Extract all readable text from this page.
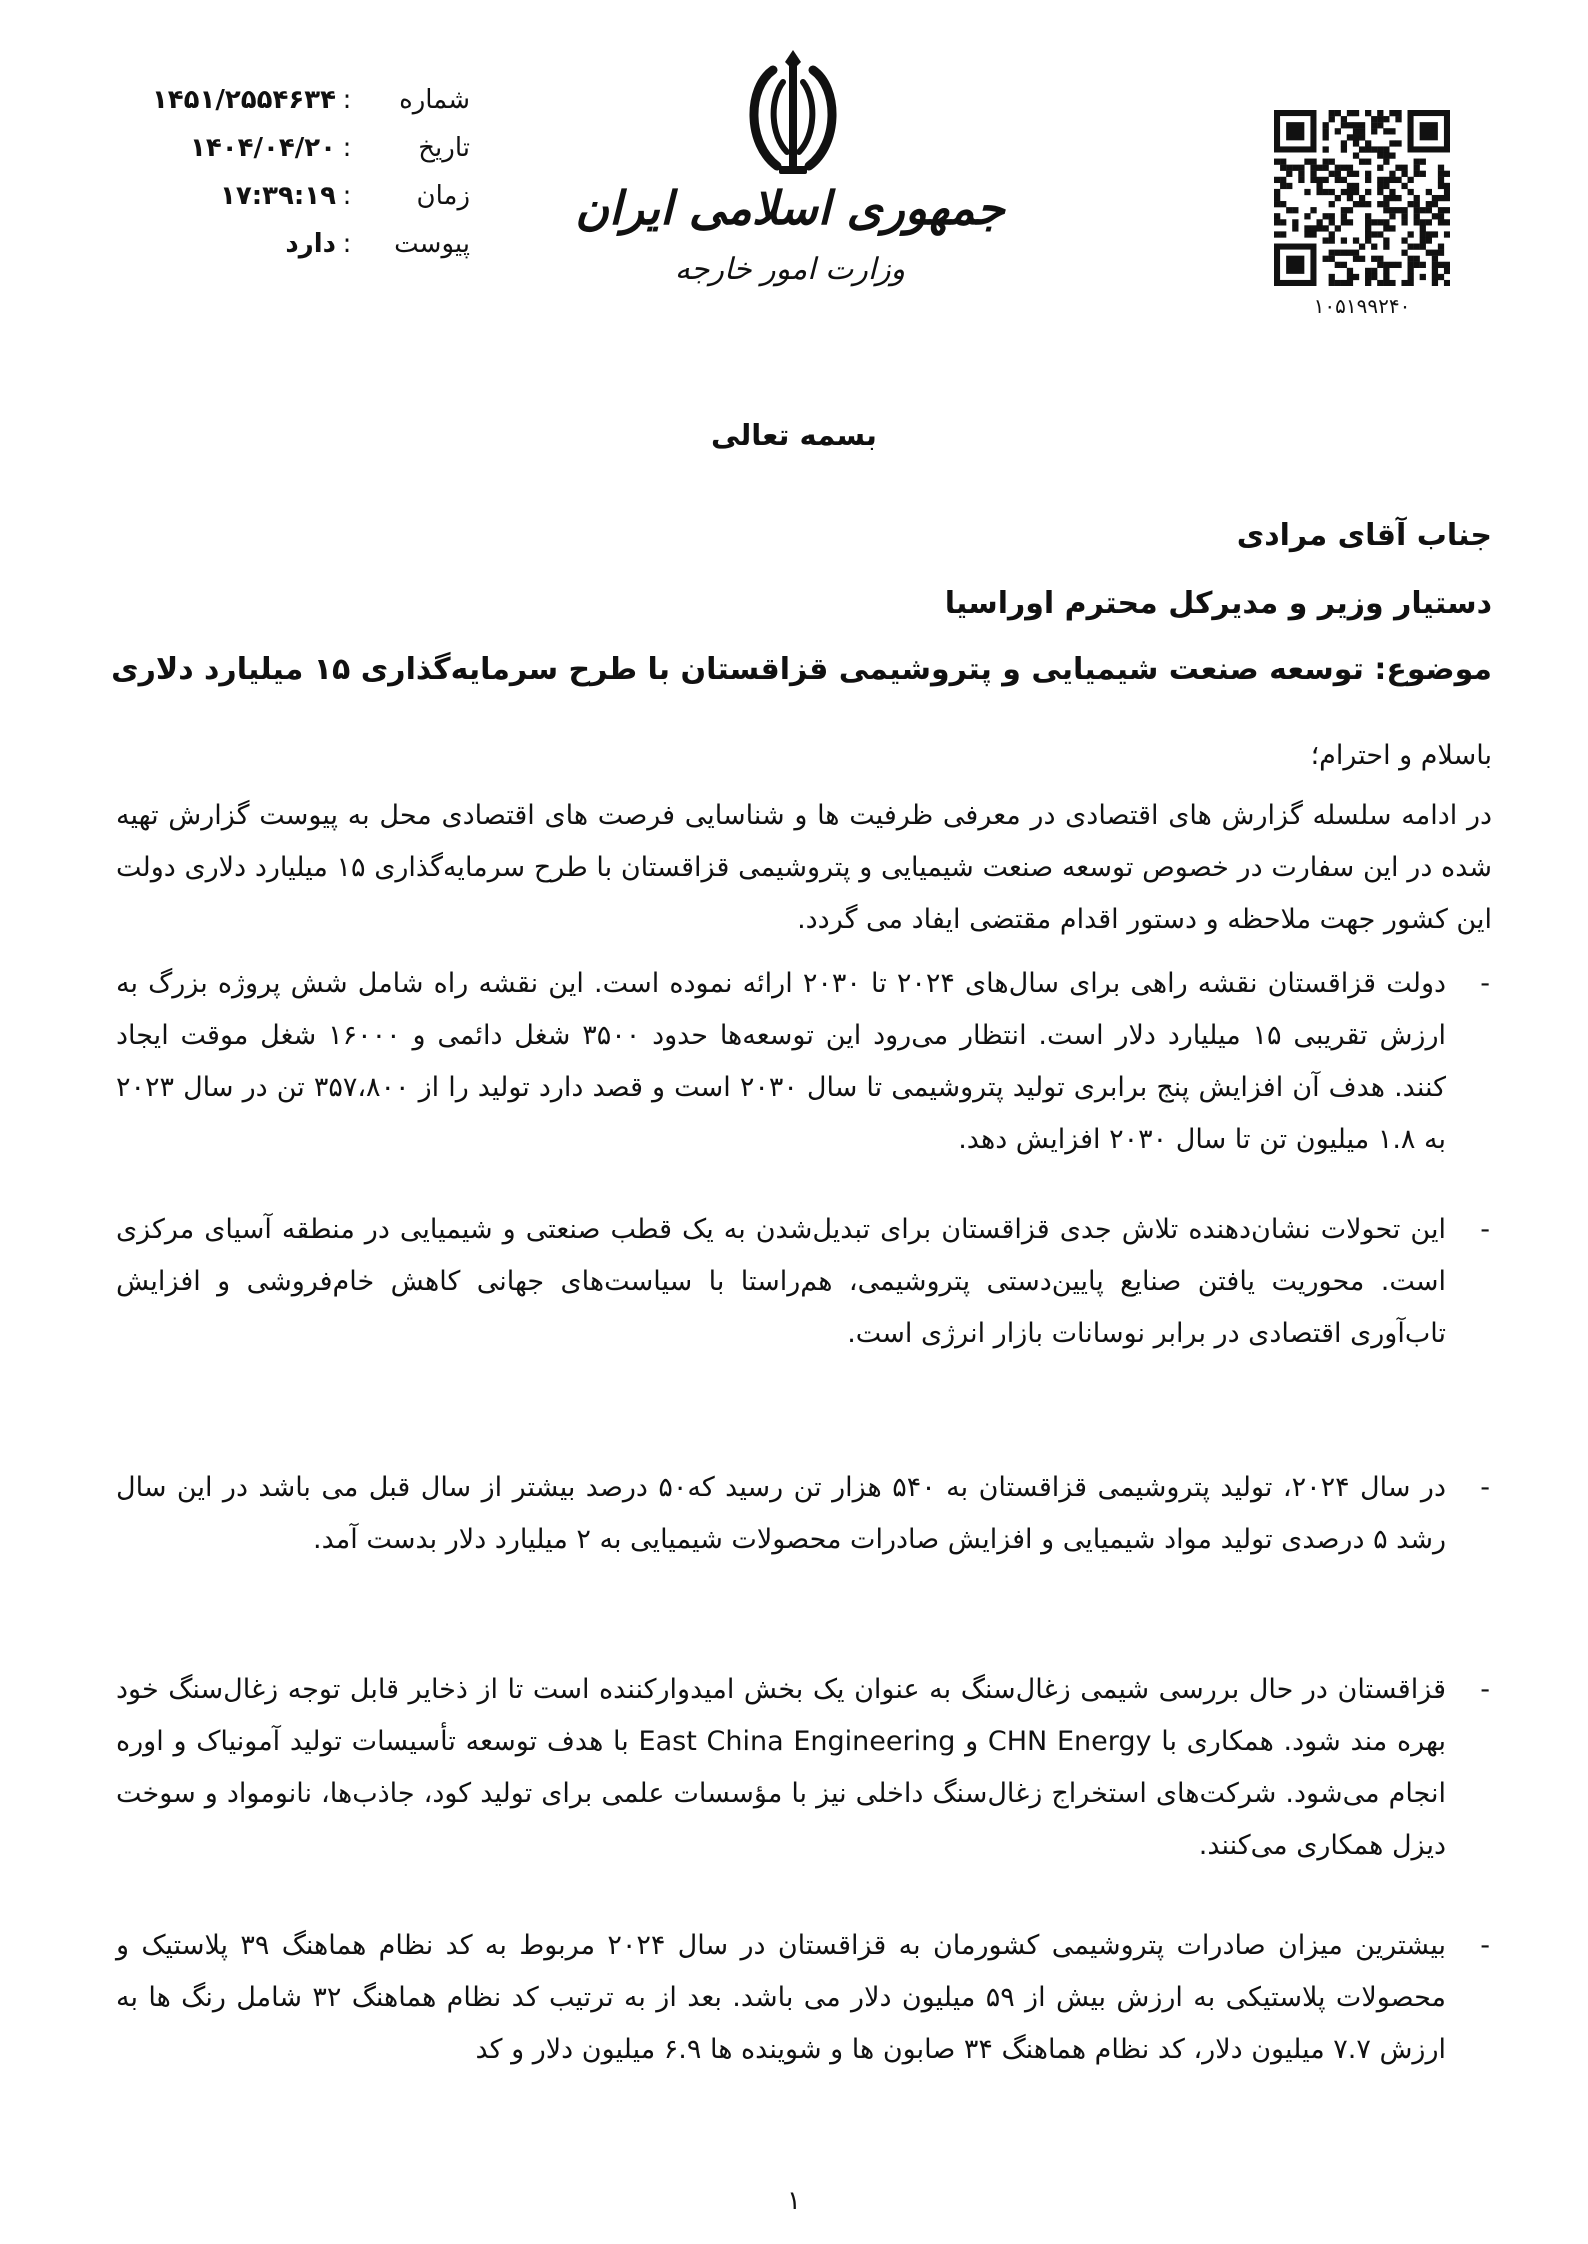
شماره
:
۱۴۵۱/۲۵۵۴۶۳۴
تاریخ
:
۱۴۰۴/۰۴/۲۰
زمان
:
۱۷:۳۹:۱۹
پیوست
:
دارد
جمهوری اسلامی ایران
وزارت امور خارجه
۱۰۵۱۹۹۲۴۰
بسمه تعالی
جناب آقای مرادی
دستیار وزیر و مدیرکل محترم اوراسیا
موضوع: توسعه صنعت شیمیایی و پتروشیمی قزاقستان با طرح سرمایه‌گذاری ۱۵ میلیارد دلاری
باسلام و احترام؛
در ادامه سلسله گزارش های اقتصادی در معرفی ظرفیت ها و شناسایی فرصت های اقتصادی محل به پیوست گزارش تهیه شده در این سفارت در خصوص توسعه صنعت شیمیایی و پتروشیمی قزاقستان با طرح سرمایه‌گذاری ۱۵ میلیارد دلاری دولت این کشور جهت ملاحظه و دستور اقدام مقتضی ایفاد می گردد.
-
دولت قزاقستان نقشه راهی برای سال‌های ۲۰۲۴ تا ۲۰۳۰ ارائه نموده است. این نقشه راه شامل شش پروژه بزرگ به ارزش تقریبی ۱۵ میلیارد دلار است. انتظار می‌رود این توسعه‌ها حدود ۳۵۰۰ شغل دائمی و ۱۶۰۰۰ شغل موقت ایجاد کنند. هدف آن افزایش پنج برابری تولید پتروشیمی تا سال ۲۰۳۰ است و قصد دارد تولید را از ۳۵۷،۸۰۰ تن در سال ۲۰۲۳ به ۱.۸ میلیون تن تا سال ۲۰۳۰ افزایش دهد.
-
این تحولات نشان‌دهنده تلاش جدی قزاقستان برای تبدیل‌شدن به یک قطب صنعتی و شیمیایی در منطقه آسیای مرکزی است. محوریت یافتن صنایع پایین‌دستی پتروشیمی، هم‌راستا با سیاست‌های جهانی کاهش خام‌فروشی و افزایش تاب‌آوری اقتصادی در برابر نوسانات بازار انرژی است.
-
در سال ۲۰۲۴، تولید پتروشیمی قزاقستان به ۵۴۰ هزار تن رسید که۵۰ درصد بیشتر از سال قبل می باشد در این سال رشد ۵ درصدی تولید مواد شیمیایی و افزایش صادرات محصولات شیمیایی به ۲ میلیارد دلار بدست آمد.
-
قزاقستان در حال بررسی شیمی زغال‌سنگ به عنوان یک بخش امیدوارکننده است تا از ذخایر قابل توجه زغال‌سنگ خود بهره مند شود. همکاری با CHN Energy و East China Engineering با هدف توسعه تأسیسات تولید آمونیاک و اوره انجام می‌شود. شرکت‌های استخراج زغال‌سنگ داخلی نیز با مؤسسات علمی برای تولید کود، جاذب‌ها، نانومواد و سوخت دیزل همکاری می‌کنند.
-
بیشترین میزان صادرات پتروشیمی کشورمان به قزاقستان در سال ۲۰۲۴ مربوط به کد نظام هماهنگ ۳۹ پلاستیک و محصولات پلاستیکی به ارزش بیش از ۵۹ میلیون دلار می باشد. بعد از به ترتیب کد نظام هماهنگ ۳۲ شامل رنگ ها به ارزش ۷.۷ میلیون دلار، کد نظام هماهنگ ۳۴ صابون ها و شوینده ها ۶.۹ میلیون دلار و کد
۱
